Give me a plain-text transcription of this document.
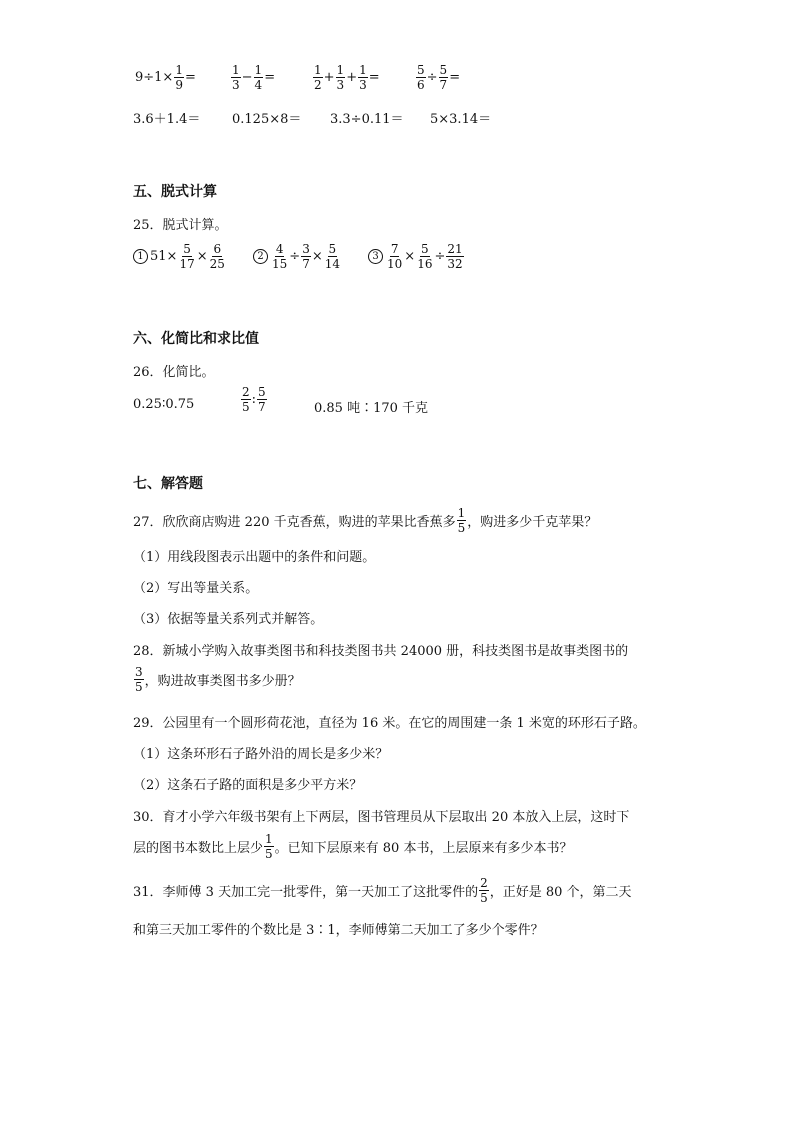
$9\div 1\times \frac{1}{9}$ =	$\frac{1}{3} - \frac{1}{4}$ =	$\frac{1}{2} + \frac{1}{3} + \frac{1}{3}$ =	$\frac{5}{6} \div \frac{5}{7}$ =
3.6＋1.4＝ 0.125×8＝ 3.3÷0.11＝ 5×3.14＝
五、脱式计算
25．脱式计算。
1 $51\times \frac{5}{17} \times \frac{6}{25}$	$2 \frac{4}{15} \div \frac{3}{7} \times \frac{5}{14}$	$3 \frac{7}{10} \times \frac{5}{16} \div \frac{21}{32}$
六、化简比和求比值
26．化简比。
0.25∶0.75	$\frac{2}{5}$ : $\frac{5}{7}$	0.85 吨∶170 千克
七、解答题
27．欣欣商店购进 220 千克香蕉，购进的苹果比香蕉多 $\frac{1}{5}$ ，购进多少千克苹果？
（1）用线段图表示出题中的条件和问题。
（2）写出等量关系。
（3）依据等量关系列式并解答。
28．新城小学购入故事类图书和科技类图书共 24000 册，科技类图书是故事类图书的
$\frac{3}{5}$ ，购进故事类图书多少册？
29．公园里有一个圆形荷花池，直径为 16 米。在它的周围建一条 1 米宽的环形石子路。
（1）这条环形石子路外沿的周长是多少米？
（2）这条石子路的面积是多少平方米？
30．育才小学六年级书架有上下两层，图书管理员从下层取出 20 本放入上层，这时下
层的图书本数比上层少 $\frac{1}{5}$ 。已知下层原来有 80 本书，上层原来有多少本书？
31．李师傅 3 天加工完一批零件，第一天加工了这批零件的 $\frac{2}{5}$ ，正好是 80 个，第二天
和第三天加工零件的个数比是 3∶1，李师傅第二天加工了多少个零件？
